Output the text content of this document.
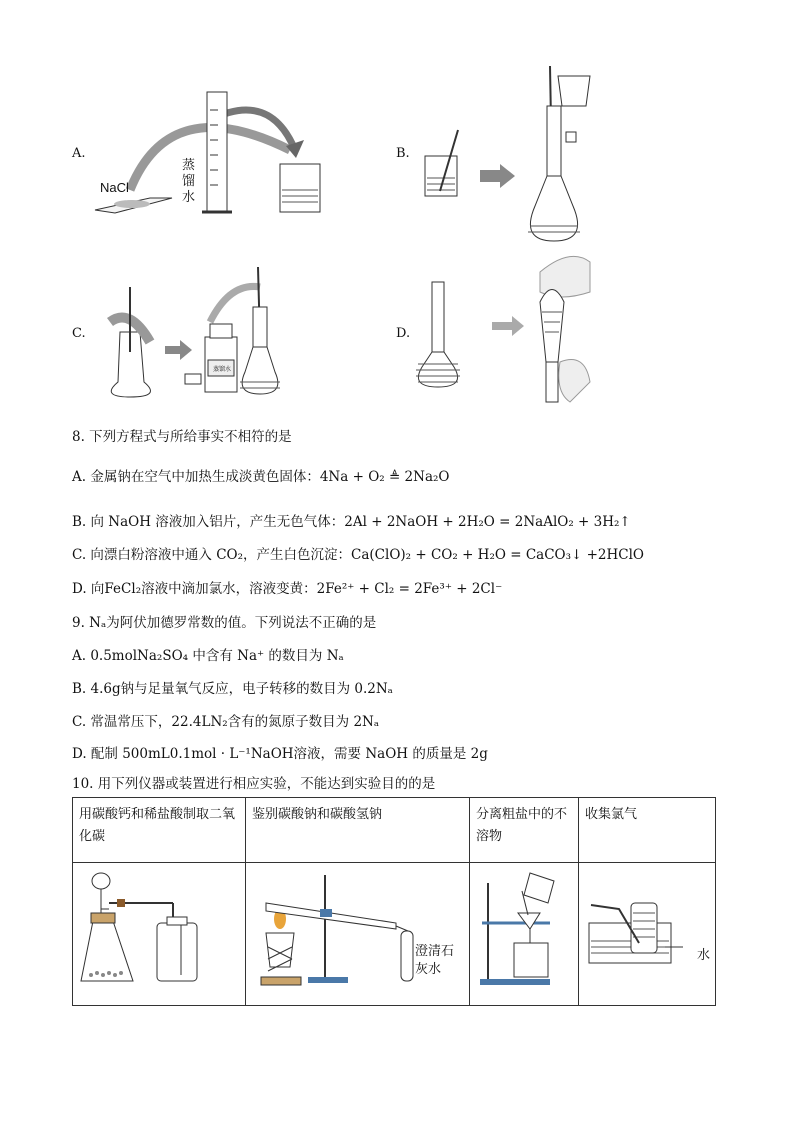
A.
NaCl
蒸馏水
B.
C.
蒸馏水
D.
8. 下列方程式与所给事实不相符的是
A. 金属钠在空气中加热生成淡黄色固体：4Na + O₂ ≜ 2Na₂O
B. 向 NaOH 溶液加入铝片，产生无色气体：2Al + 2NaOH + 2H₂O = 2NaAlO₂ + 3H₂↑
C. 向漂白粉溶液中通入 CO₂，产生白色沉淀：Ca(ClO)₂ + CO₂ + H₂O = CaCO₃↓ +2HClO
D. 向FeCl₂溶液中滴加氯水，溶液变黄：2Fe²⁺ + Cl₂ = 2Fe³⁺ + 2Cl⁻
9. Nₐ为阿伏加德罗常数的值。下列说法不正确的是
A. 0.5molNa₂SO₄ 中含有 Na⁺ 的数目为 Nₐ
B. 4.6g钠与足量氧气反应，电子转移的数目为 0.2Nₐ
C. 常温常压下，22.4LN₂含有的氮原子数目为 2Nₐ
D. 配制 500mL0.1mol · L⁻¹NaOH溶液，需要 NaOH 的质量是 2g
10. 用下列仪器或装置进行相应实验，不能达到实验目的的是
用碳酸钙和稀盐酸制取二氧化碳	鉴别碳酸钠和碳酸氢钠	分离粗盐中的不溶物	收集氯气

澄清石灰水
水
